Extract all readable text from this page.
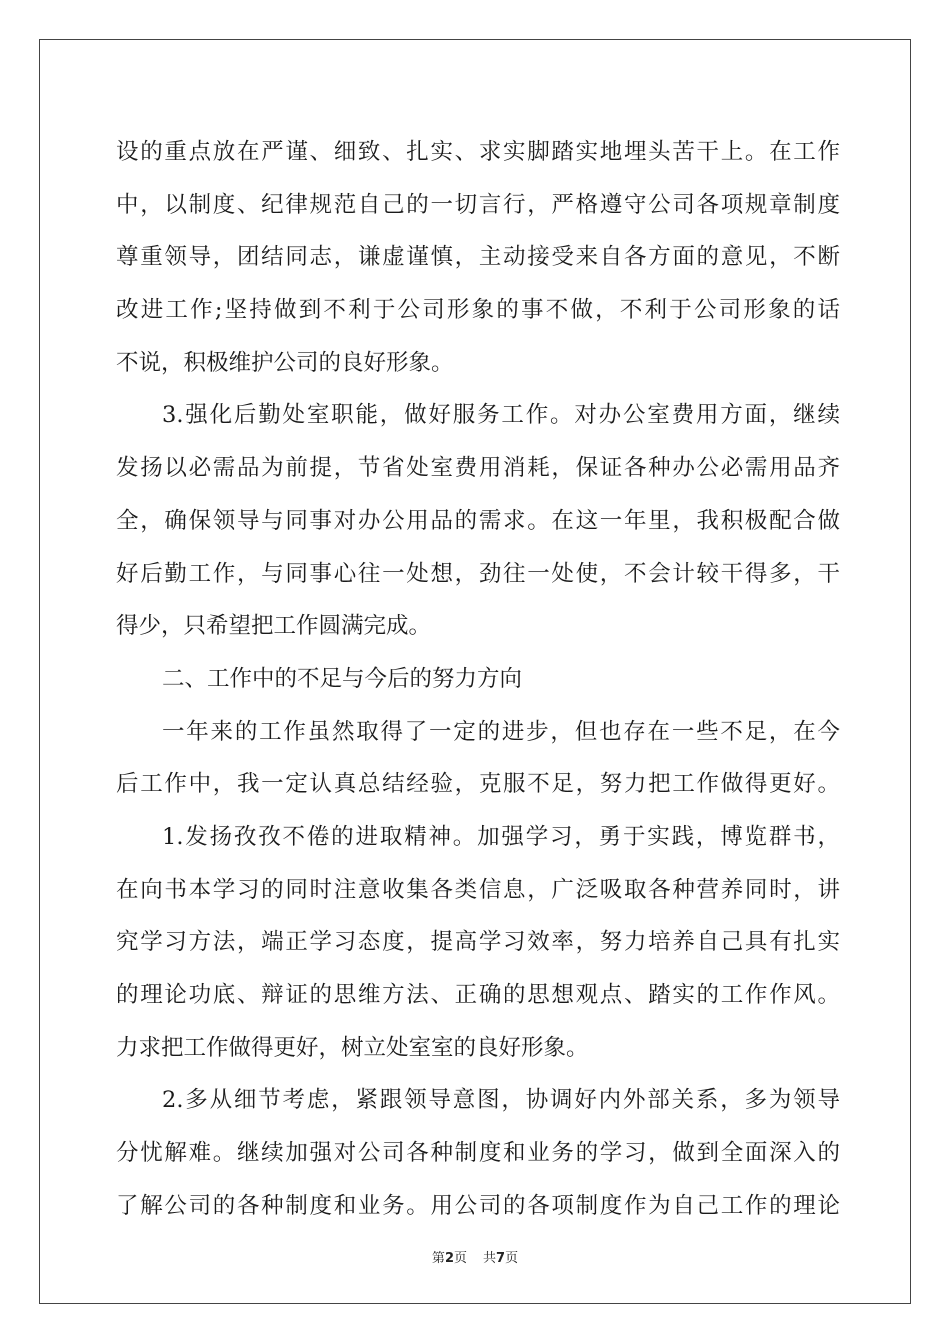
设的重点放在严谨、细致、扎实、求实脚踏实地埋头苦干上。在工作
中，以制度、纪律规范自己的一切言行，严格遵守公司各项规章制度
尊重领导，团结同志，谦虚谨慎，主动接受来自各方面的意见，不断
改进工作;坚持做到不利于公司形象的事不做，不利于公司形象的话
不说，积极维护公司的良好形象。
3.强化后勤处室职能，做好服务工作。对办公室费用方面，继续
发扬以必需品为前提，节省处室费用消耗，保证各种办公必需用品齐
全，确保领导与同事对办公用品的需求。在这一年里，我积极配合做
好后勤工作，与同事心往一处想，劲往一处使，不会计较干得多，干
得少，只希望把工作圆满完成。
二、工作中的不足与今后的努力方向
一年来的工作虽然取得了一定的进步，但也存在一些不足，在今
后工作中，我一定认真总结经验，克服不足，努力把工作做得更好。
1.发扬孜孜不倦的进取精神。加强学习，勇于实践，博览群书，
在向书本学习的同时注意收集各类信息，广泛吸取各种营养同时，讲
究学习方法，端正学习态度，提高学习效率，努力培养自己具有扎实
的理论功底、辩证的思维方法、正确的思想观点、踏实的工作作风。
力求把工作做得更好，树立处室室的良好形象。
2.多从细节考虑，紧跟领导意图，协调好内外部关系，多为领导
分忧解难。继续加强对公司各种制度和业务的学习，做到全面深入的
了解公司的各种制度和业务。用公司的各项制度作为自己工作的理论
第2页 共7页
